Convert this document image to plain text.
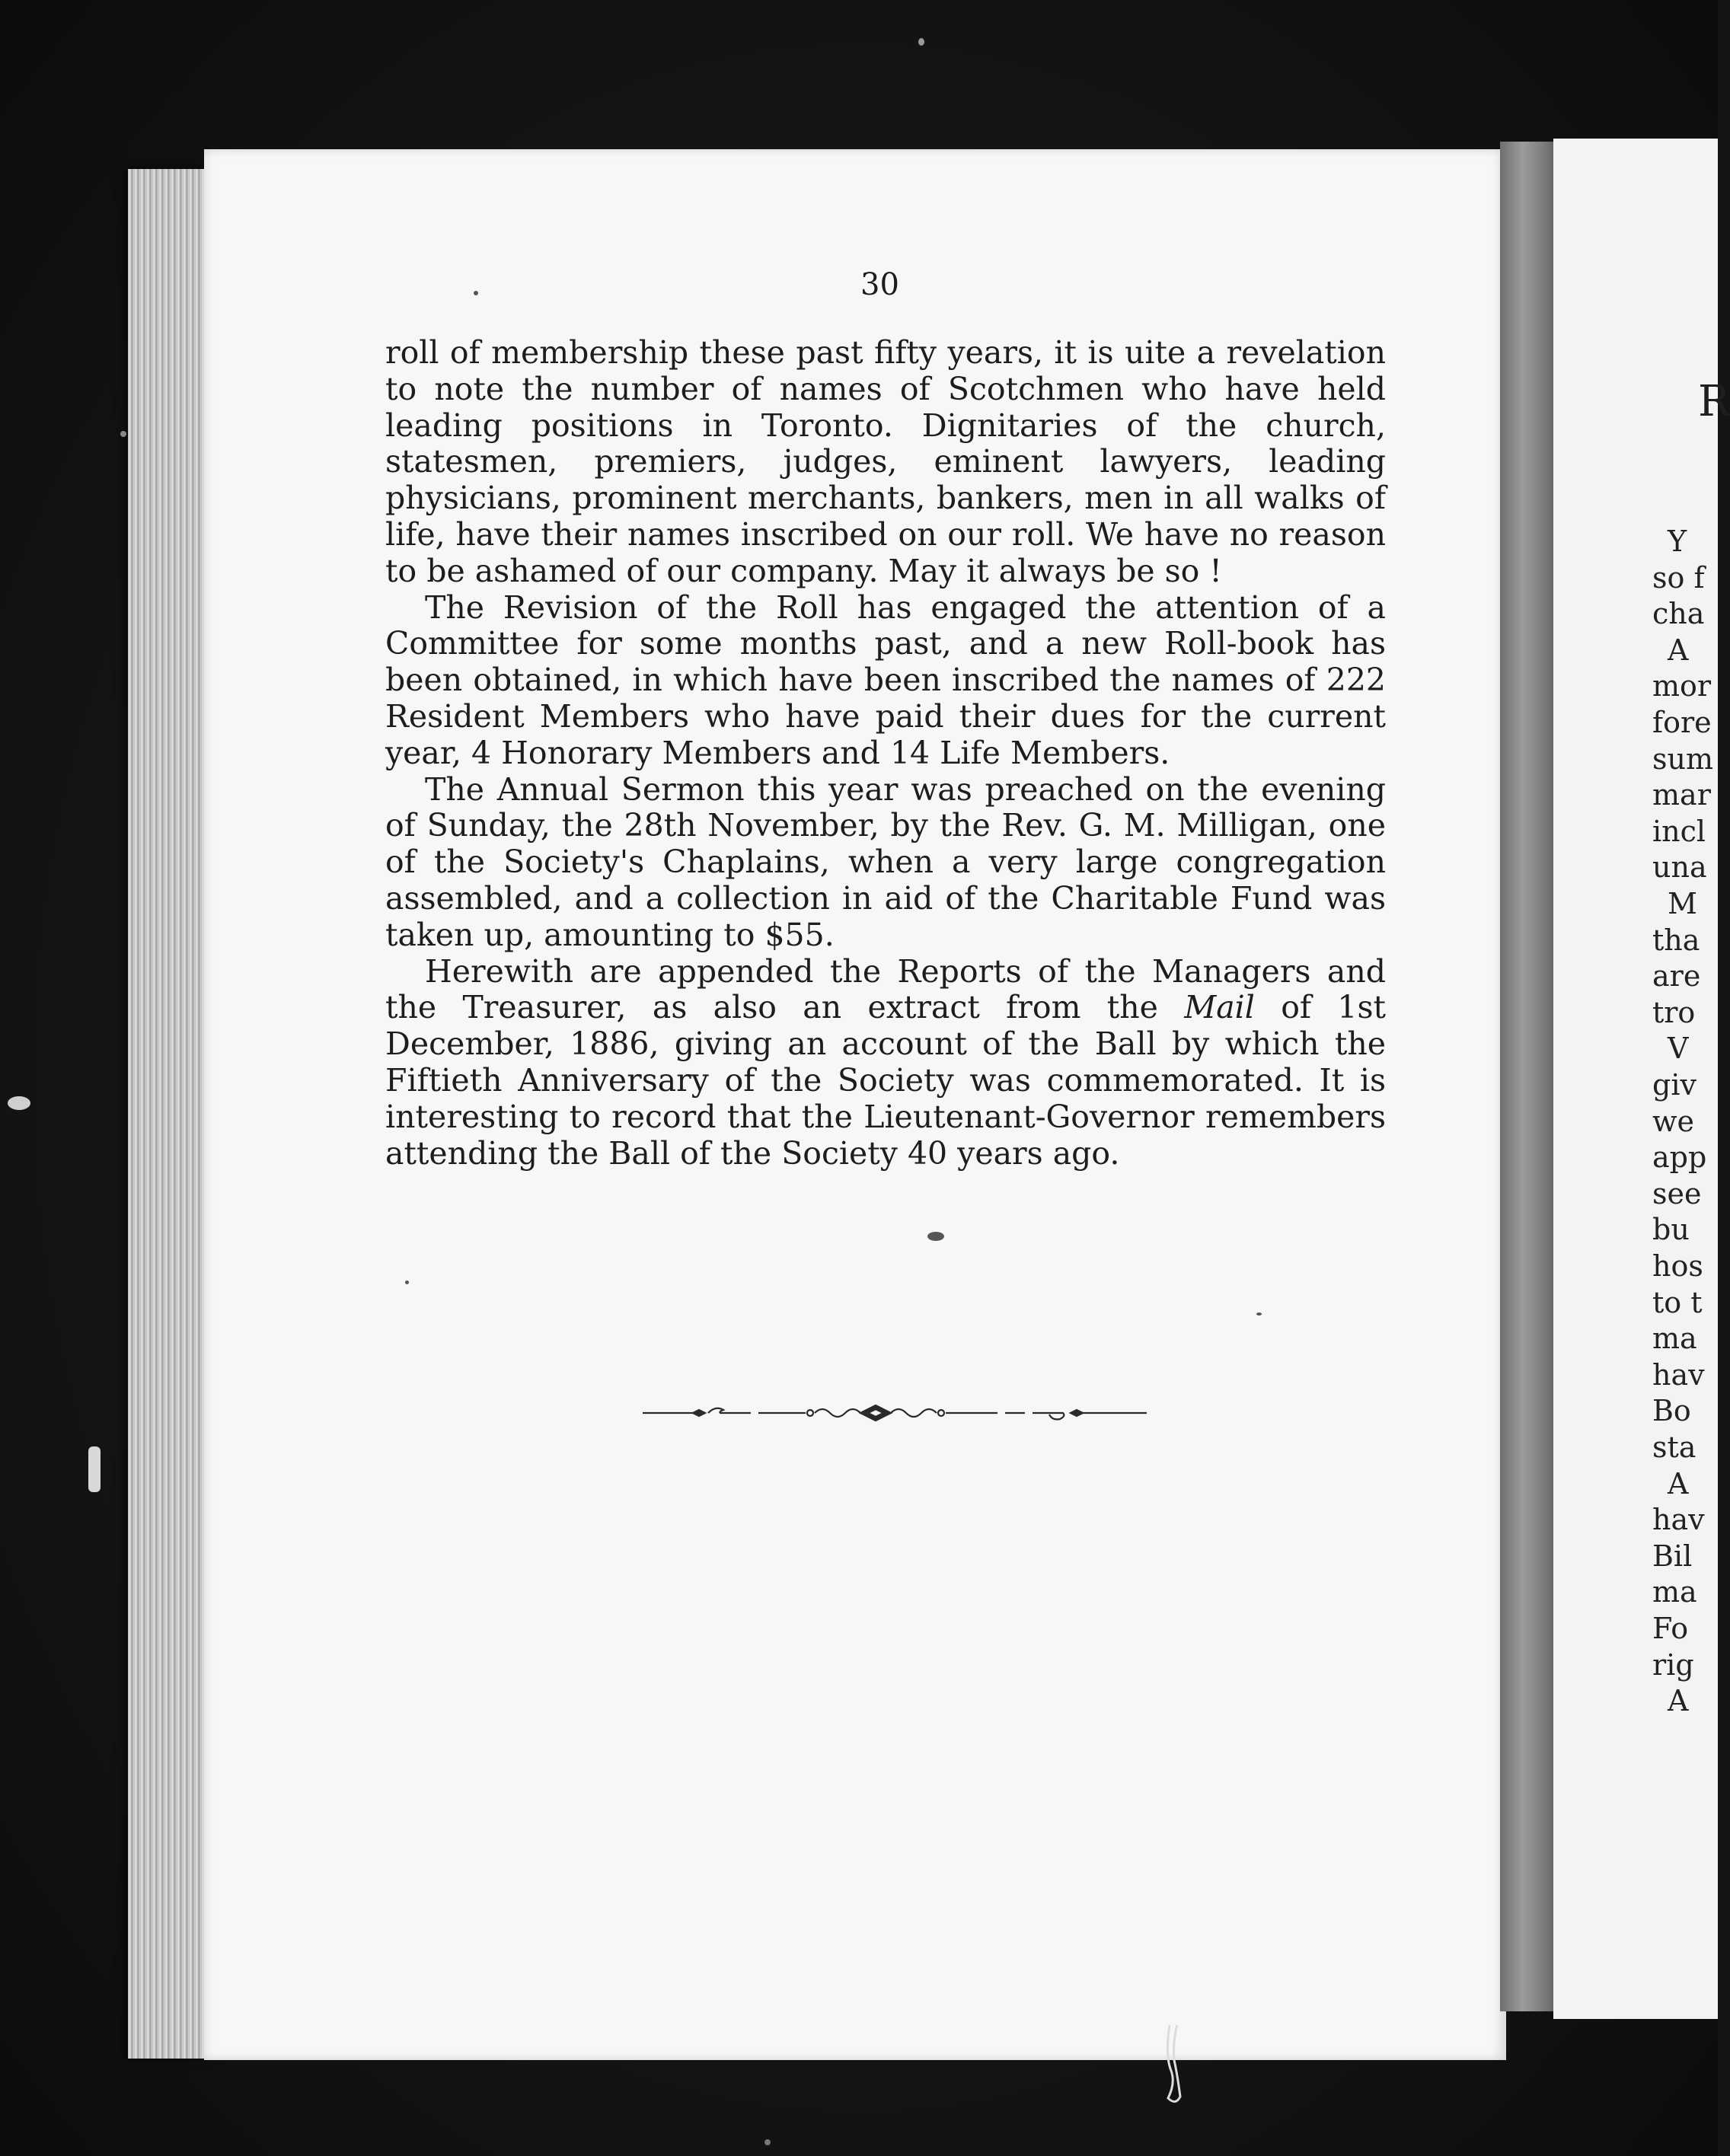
R
Y
so f
cha
A
mor
fore
sum
mar
incl
una
M
tha
are
tro
V
giv
we
app
see
bu
hos
to t
ma
hav
Bo
sta
A
hav
Bil
ma
Fo
rig
A
30

roll of membership these past fifty years, it is uite a revelation to note the number of names of Scotchmen who have held leading positions in Toronto. Dignitaries of the church, statesmen, premiers, judges, eminent lawyers, leading physicians, prominent merchants, bankers, men in all walks of life, have their names inscribed on our roll. We have no reason to be ashamed of our company. May it always be so !

The Revision of the Roll has engaged the attention of a Committee for some months past, and a new Roll-book has been obtained, in which have been inscribed the names of 222 Resident Members who have paid their dues for the current year, 4 Honorary Members and 14 Life Members.

The Annual Sermon this year was preached on the evening of Sunday, the 28th November, by the Rev. G. M. Milligan, one of the Society's Chaplains, when a very large congregation assembled, and a collection in aid of the Charitable Fund was taken up, amounting to $55.

Herewith are appended the Reports of the Managers and the Treasurer, as also an extract from the Mail of 1st December, 1886, giving an account of the Ball by which the Fiftieth Anniversary of the Society was commemorated. It is interesting to record that the Lieutenant-Governor remembers attending the Ball of the Society 40 years ago.
